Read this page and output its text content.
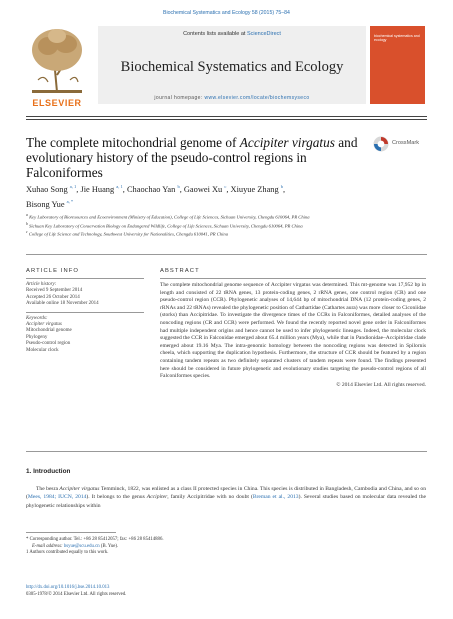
Biochemical Systematics and Ecology 58 (2015) 75–84
ELSEVIER
Contents lists available at ScienceDirect
Biochemical Systematics and Ecology
journal homepage: www.elsevier.com/locate/biochemsyseco
biochemical systematics and ecology
The complete mitochondrial genome of Accipiter virgatus and evolutionary history of the pseudo-control regions in Falconiformes
CrossMark
Xuhao Song $^{a, 1}$, Jie Huang $^{a, 1}$, Chaochao Yan $^b$, Gaowei Xu $^c$, Xiuyue Zhang $^b$,
Bisong Yue $^{a, *}$
$^a$ Key Laboratory of Bioresources and Ecoenvironment (Ministry of Education), College of Life Sciences, Sichuan University, Chengdu 610064, PR China
$^b$ Sichuan Key Laboratory of Conservation Biology on Endangered Wildlife, College of Life Sciences, Sichuan University, Chengdu 610064, PR China
$^c$ College of Life Science and Technology, Southwest University for Nationalities, Chengdu 610041, PR China
ARTICLE INFO
Article history:
Received 9 September 2014
Accepted 26 October 2014
Available online 18 November 2014
Keywords:
Accipiter virgatus
Mitochondrial genome
Phylogeny
Pseudo-control region
Molecular clock
ABSTRACT
The complete mitochondrial genome sequence of Accipiter virgatus was determined. This mt-genome was 17,952 bp in length and consisted of 22 tRNA genes, 13 protein-coding genes, 2 rRNA genes, one control region (CR) and one pseudo-control region (CCR). Phylogenetic analyses of 14,644 bp of mitochondrial DNA (12 protein-coding genes, 2 rRNAs and 22 tRNAs) revealed the phylogenetic position of Cathartidae (Cathartes aura) was more closer to Ciconiidae (storks) than Accipitridae. To investigate the divergence times of the CCRs in Falconiformes, detailed analyses of the noncoding regions (CR and CCR) were performed. We found the recently reported novel gene order in Falconiformes had multiple independent origins and hence cannot be used to infer phylogenetic lineages. Indeed, the molecular clock suggested the CCR in Falconidae emerged about 65.4 million years (Mya), while that in Pandionidae–Accipitridae clade emerged about 19.16 Mya. The intra-genomic homology between the noncoding regions was detected in Spilornis cheela, which supporting the duplication hypothesis. Furthermore, the structure of CCR should be featured by a region containing tandem repeats as two definitely separated clusters of tandem repeats were found. The findings presented here should be considered in future phylogenetic and evolutionary studies targeting the pseudo-control regions of all Falconiformes species.
© 2014 Elsevier Ltd. All rights reserved.
1. Introduction
The besra Accipiter virgatus Temminck, 1822, was enlisted as a class II protected species in China. This species is distributed in Bangladesh, Cambodia and China, and so on (Mees, 1984; IUCN, 2014). It belongs to the genus Accipiter, family Accipitridae with no doubt (Breman et al., 2013). Several studies based on molecular data revealed the phylogenetic relationships within
* Corresponding author. Tel.: +86 28 85412057; fax: +86 28 85414886.
E-mail address: bsyue@scu.edu.cn (B. Yue).
1 Authors contributed equally to this work.
http://dx.doi.org/10.1016/j.bse.2014.10.013
0305-1978/© 2014 Elsevier Ltd. All rights reserved.
